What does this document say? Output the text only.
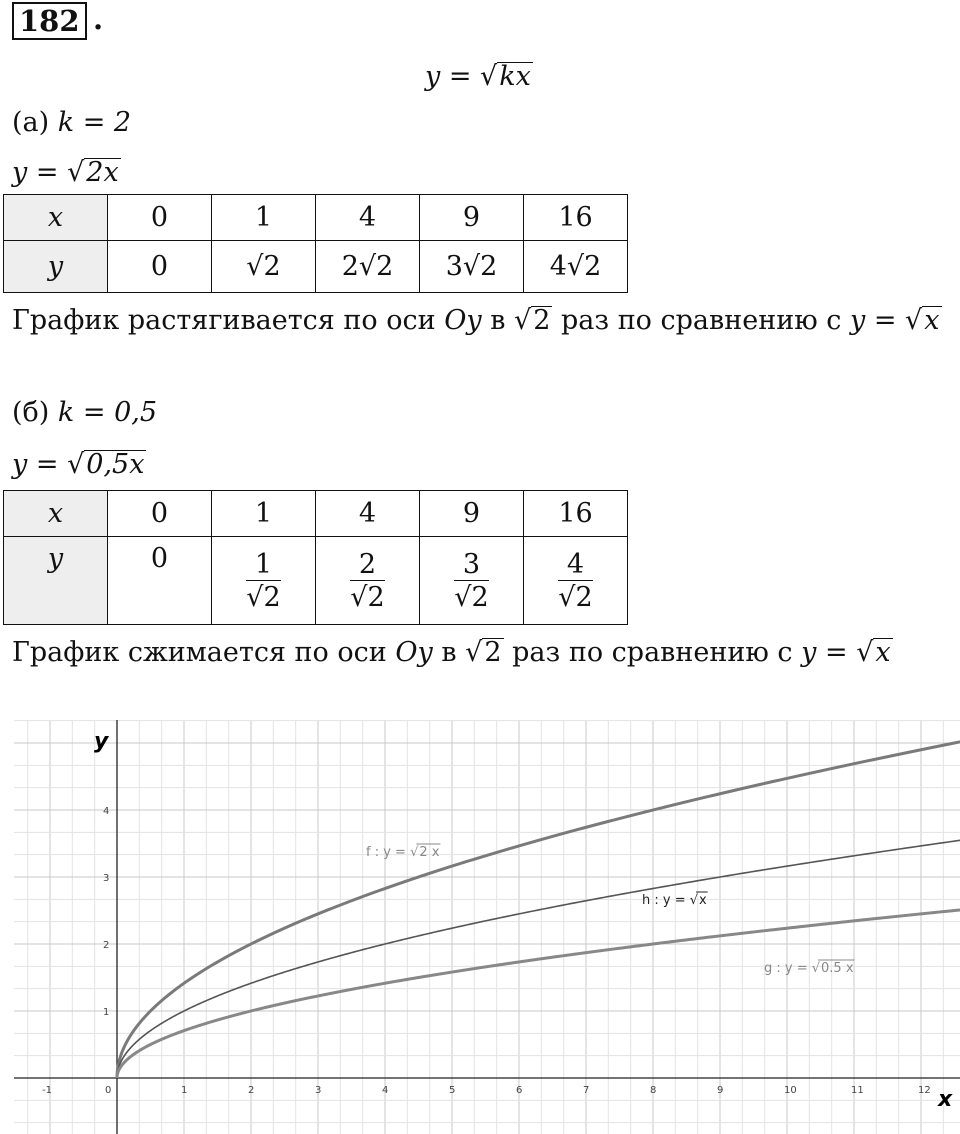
182 .
y = √kx
(а) k = 2
y = √2x
x	0	1	4	9	16
y	0	√2	2√2	3√2	4√2
График растягивается по оси Oy в √2 раз по сравнению с y = √x
(б) k = 0,5
y = √0,5x
x	0	1	4	9	16
y	0	$\frac{1}{√2}$	$\frac{2}{√2}$	$\frac{3}{√2}$	$\frac{4}{√2}$
График сжимается по оси Oy в √2 раз по сравнению с y = √x
x
y
-1	0	1	2	3	4	5	6	7	8	9	10	11	12
1
2
3
4
f : y = √ 2 x
h : y = √ x
g : y = √ 0.5 x
